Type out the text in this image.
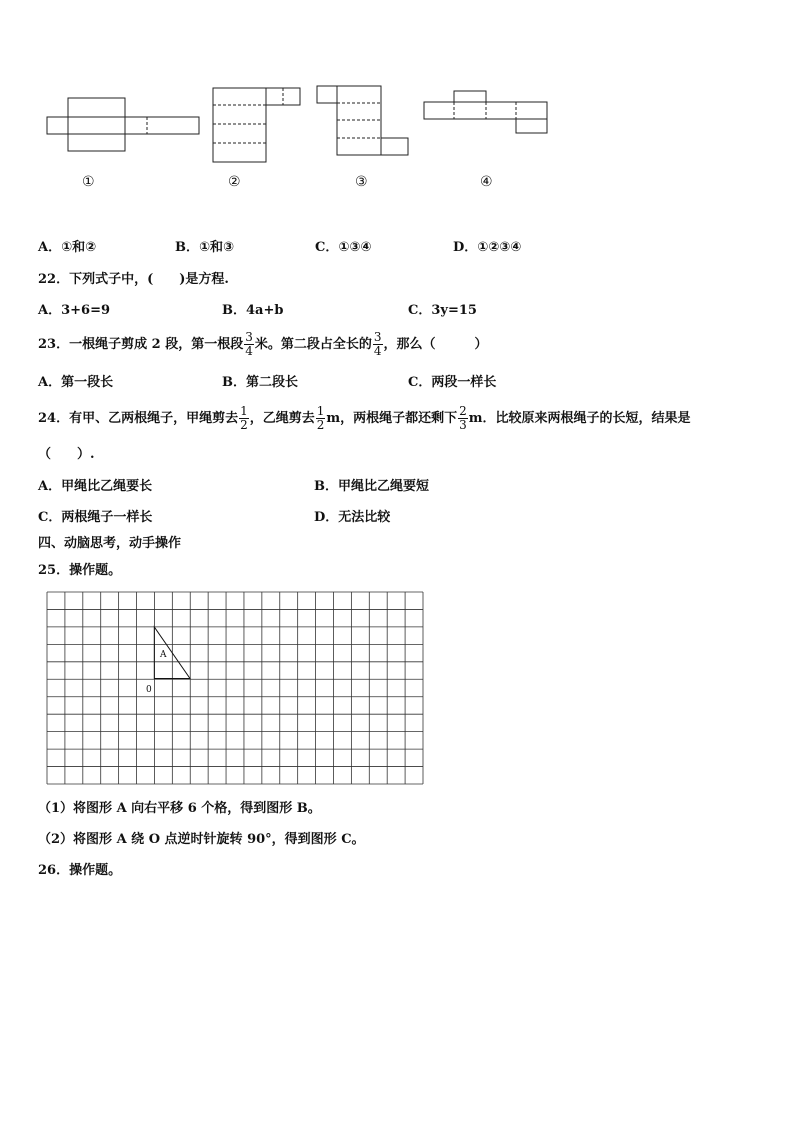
①	②	③	④
A．①和②	B．①和③	C．①③④	D．①②③④
22．下列式子中，(　　)是方程.
A．3+6=9	B．4a+b	C．3y=15
23．一根绳子剪成 2 段，第一根段 $\frac{3}{4}$ 米。第二段占全长的 $\frac{3}{4}$ ，那么（　　　）
A．第一段长	B．第二段长	C．两段一样长
24．有甲、乙两根绳子，甲绳剪去 $\frac{1}{2}$ ，乙绳剪去 $\frac{1}{2}$ m，两根绳子都还剩下 $\frac{2}{3}$ m．比较原来两根绳子的长短，结果是
（　　）.
A．甲绳比乙绳要长	B．甲绳比乙绳要短
C．两根绳子一样长	D．无法比较
四、动脑思考，动手操作
25．操作题。
A
0
（1）将图形 A 向右平移 6 个格，得到图形 B。
（2）将图形 A 绕 O 点逆时针旋转 90°，得到图形 C。
26．操作题。
